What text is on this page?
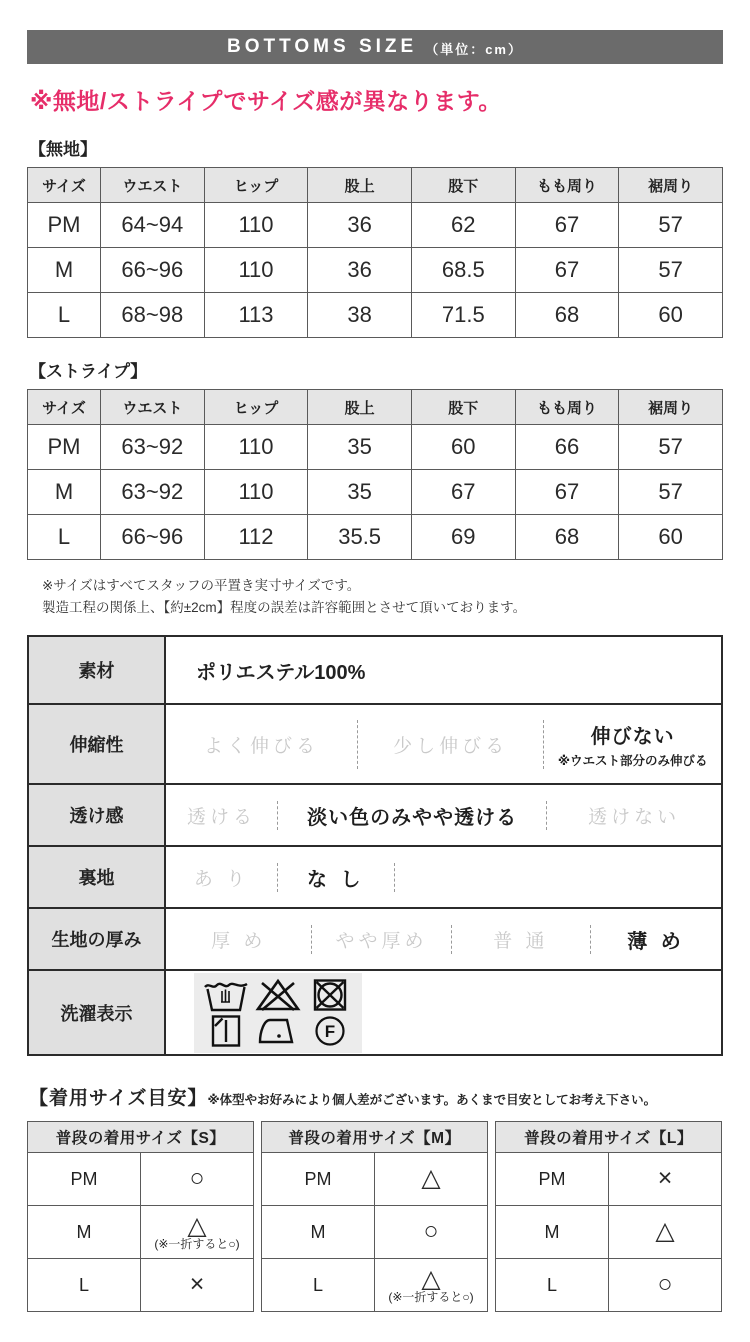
BOTTOMS SIZE （単位：cm）
※無地/ストライプでサイズ感が異なります。
【無地】
サイズ	ウエスト	ヒップ	股上	股下	もも周り	裾周り
PM	64~94	110	36	62	67	57
M	66~96	110	36	68.5	67	57
L	68~98	113	38	71.5	68	60
【ストライプ】
サイズ	ウエスト	ヒップ	股上	股下	もも周り	裾周り
PM	63~92	110	35	60	66	57
M	63~92	110	35	67	67	57
L	66~96	112	35.5	69	68	60
※サイズはすべてスタッフの平置き実寸サイズです。
製造工程の関係上、【約±2cm】程度の誤差は許容範囲とさせて頂いております。
素材	ポリエステル100%

伸縮性	よく伸びる 少し伸びる 伸びない
※ウエスト部分のみ伸びる

透け感	透ける 淡い色のみやや透ける 透けない

裏地	あ り な し

生地の厚み	厚 め やや厚め 普 通 薄 め

洗濯表示	F
【着用サイズ目安】 ※体型やお好みにより個人差がございます。あくまで目安としてお考え下さい。
普段の着用サイズ【S】	
PM	○

M	△
(※一折すると○)

L	×
普段の着用サイズ【M】	
PM	△

M	○

L	△
(※一折すると○)
普段の着用サイズ【L】	
PM	×

M	△

L	○
